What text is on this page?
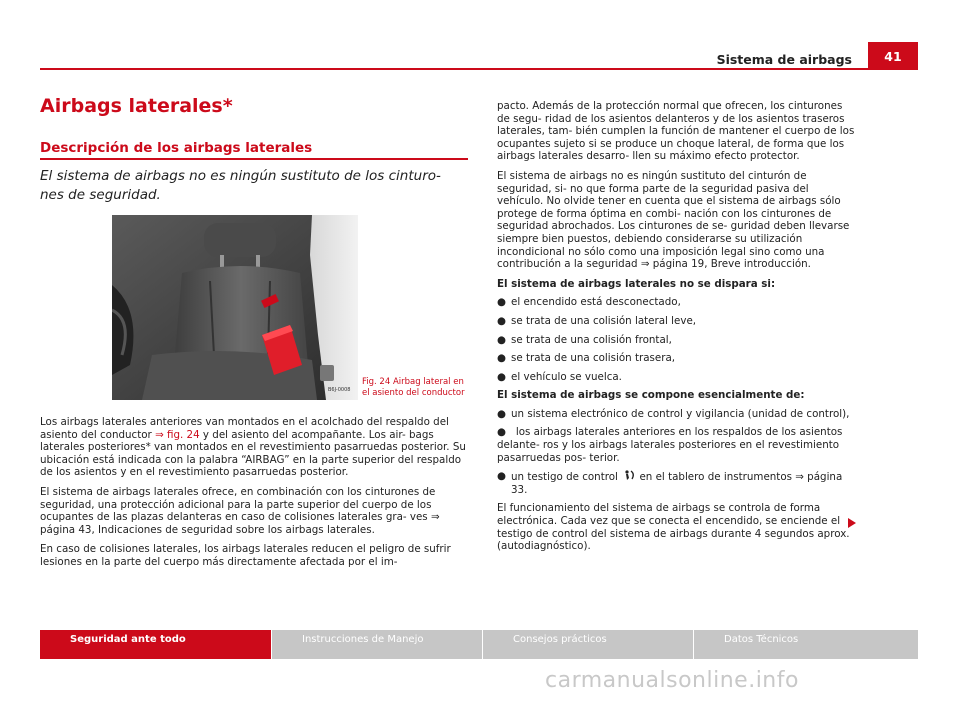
Sistema de airbags	41
Airbags laterales*
Descripción de los airbags laterales
El sistema de airbags no es ningún sustituto de los cinturo- nes de seguridad.
B6J-0008
Fig. 24 Airbag lateral en
el asiento del conductor

Los airbags laterales anteriores van montados en el acolchado del respaldo del asiento del conductor ⇒ fig. 24 y del asiento del acompañante. Los air- bags laterales posteriores* van montados en el revestimiento pasarruedas posterior. Su ubicación está indicada con la palabra “AIRBAG” en la parte superior del respaldo de los asientos y en el revestimiento pasarruedas posterior.

El sistema de airbags laterales ofrece, en combinación con los cinturones de seguridad, una protección adicional para la parte superior del cuerpo de los ocupantes de las plazas delanteras en caso de colisiones laterales gra- ves ⇒ página 43, Indicaciones de seguridad sobre los airbags laterales.

En caso de colisiones laterales, los airbags laterales reducen el peligro de sufrir lesiones en la parte del cuerpo más directamente afectada por el im-

pacto. Además de la protección normal que ofrecen, los cinturones de segu- ridad de los asientos delanteros y de los asientos traseros laterales, tam- bién cumplen la función de mantener el cuerpo de los ocupantes sujeto si se produce un choque lateral, de forma que los airbags laterales desarro- llen su máximo efecto protector.

El sistema de airbags no es ningún sustituto del cinturón de seguridad, si- no que forma parte de la seguridad pasiva del vehículo. No olvide tener en cuenta que el sistema de airbags sólo protege de forma óptima en combi- nación con los cinturones de seguridad abrochados. Los cinturones de se- guridad deben llevarse siempre bien puestos, debiendo considerarse su utilización incondicional no sólo como una imposición legal sino como una contribución a la seguridad ⇒ página 19, Breve introducción.

El sistema de airbags laterales no se dispara si:

● el encendido está desconectado,
● se trata de una colisión lateral leve,
● se trata de una colisión frontal,
● se trata de una colisión trasera,
● el vehículo se vuelca.

El sistema de airbags se compone esencialmente de:

● un sistema electrónico de control y vigilancia (unidad de control),
● los airbags laterales anteriores en los respaldos de los asientos delante- ros y los airbags laterales posteriores en el revestimiento pasarruedas pos- terior.
● un testigo de control  en el tablero de instrumentos ⇒ página 33.

El funcionamiento del sistema de airbags se controla de forma electrónica. Cada vez que se conecta el encendido, se enciende el testigo de control del sistema de airbags durante 4 segundos aprox. (autodiagnóstico).

Seguridad ante todo	Instrucciones de Manejo	Consejos prácticos	Datos Técnicos
carmanualsonline.info
